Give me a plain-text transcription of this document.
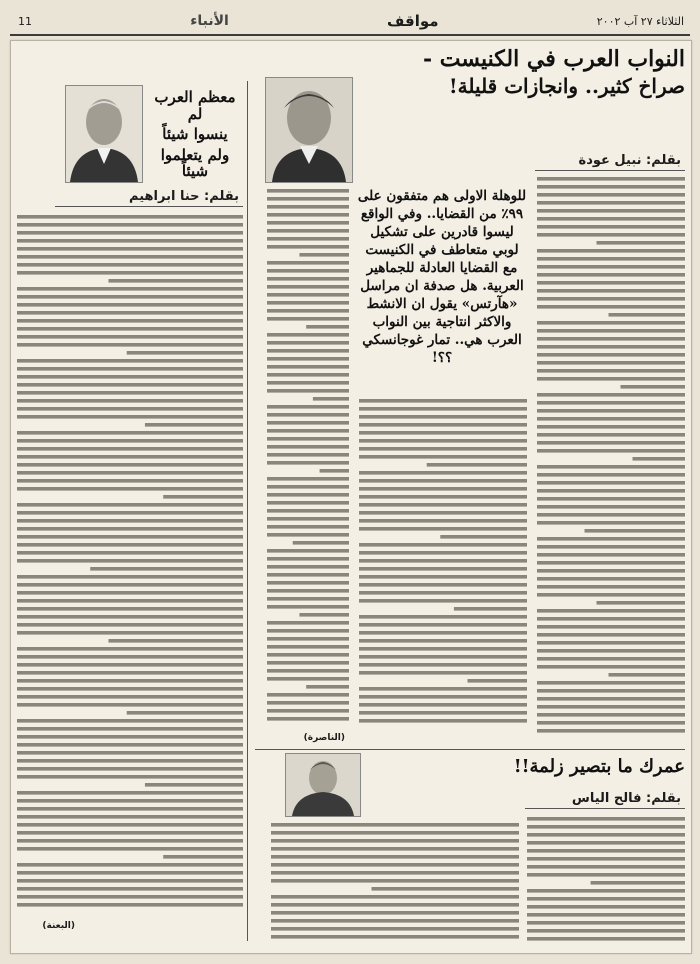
الثلاثاء ٢٧ آب ٢٠٠٢
مواقف
الأنباء
11
النواب العرب في الكنيست -
صراخ كثير.. وانجازات قليلة!
بقلم: نبيل عودة
للوهلة الاولى هم متفقون على ٩٩٪ من القضايا.. وفي الواقع ليسوا قادرين على تشكيل لوبي متعاطف في الكنيست مع القضايا العادلة للجماهير العربية. هل صدفة ان مراسل «هآرتس» يقول ان الانشط والاكثر انتاجية بين النواب العرب هي.. تمار غوجانسكي ؟؟!
(الناصرة)
معظم العرب لم
ينسوا شيئاً
ولم يتعلموا شيئاً
بقلم: حنا ابراهيم
(البعنة)
عمرك ما بتصير زلمة!!
بقلم: فالح الياس
